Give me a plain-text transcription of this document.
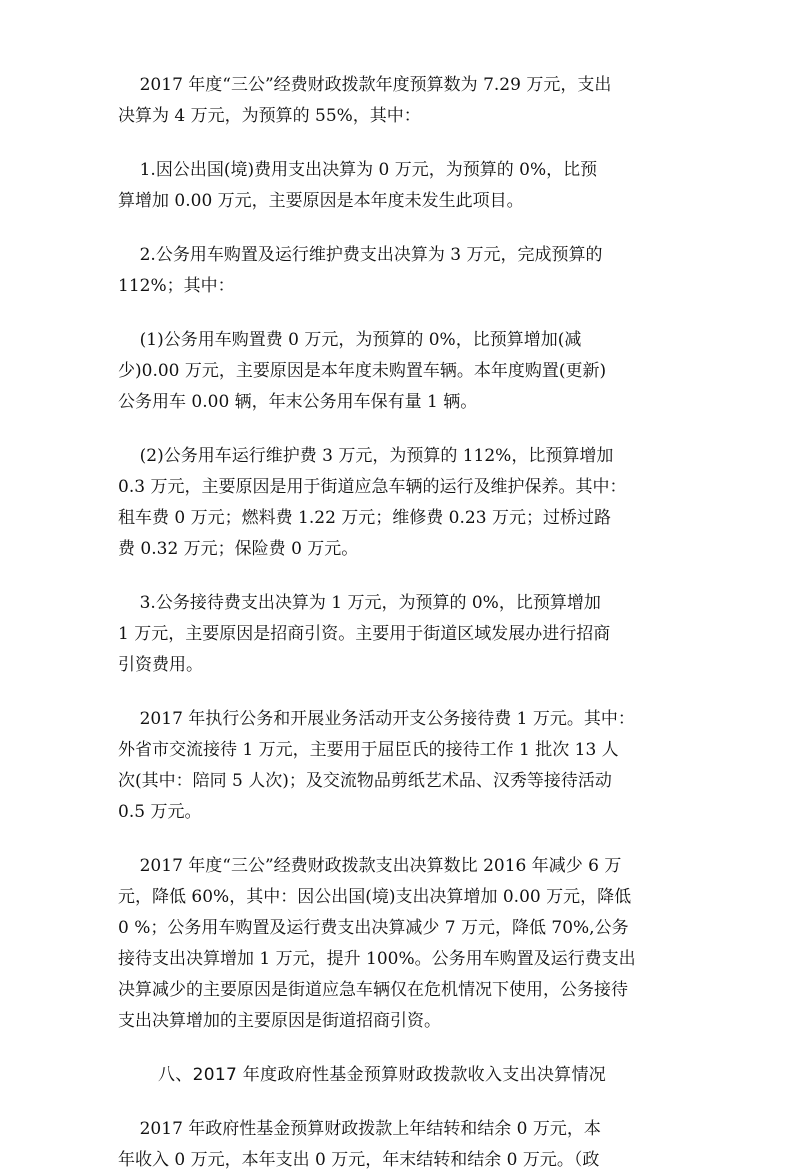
2017 年度“三公”经费财政拨款年度预算数为 7.29 万元，支出
决算为 4 万元，为预算的 55%，其中：

1.因公出国(境)费用支出决算为 0 万元，为预算的 0%，比预
算增加 0.00 万元，主要原因是本年度未发生此项目。

2.公务用车购置及运行维护费支出决算为 3 万元，完成预算的
112%；其中：

(1)公务用车购置费 0 万元，为预算的 0%，比预算增加(减
少)0.00 万元，主要原因是本年度未购置车辆。本年度购置(更新)
公务用车 0.00 辆，年末公务用车保有量 1 辆。

(2)公务用车运行维护费 3 万元，为预算的 112%，比预算增加
0.3 万元，主要原因是用于街道应急车辆的运行及维护保养。其中：
租车费 0 万元；燃料费 1.22 万元；维修费 0.23 万元；过桥过路
费 0.32 万元；保险费 0 万元。

3.公务接待费支出决算为 1 万元，为预算的 0%，比预算增加
1 万元，主要原因是招商引资。主要用于街道区域发展办进行招商
引资费用。

2017 年执行公务和开展业务活动开支公务接待费 1 万元。其中：
外省市交流接待 1 万元，主要用于屈臣氏的接待工作 1 批次 13 人
次(其中：陪同 5 人次)；及交流物品剪纸艺术品、汉秀等接待活动
0.5 万元。

2017 年度“三公”经费财政拨款支出决算数比 2016 年减少 6 万
元，降低 60%，其中：因公出国(境)支出决算增加 0.00 万元，降低
0 %；公务用车购置及运行费支出决算减少 7 万元，降低 70%,公务
接待支出决算增加 1 万元，提升 100%。公务用车购置及运行费支出
决算减少的主要原因是街道应急车辆仅在危机情况下使用，公务接待
支出决算增加的主要原因是街道招商引资。

八、2017 年度政府性基金预算财政拨款收入支出决算情况

2017 年政府性基金预算财政拨款上年结转和结余 0 万元，本
年收入 0 万元，本年支出 0 万元，年末结转和结余 0 万元。（政
